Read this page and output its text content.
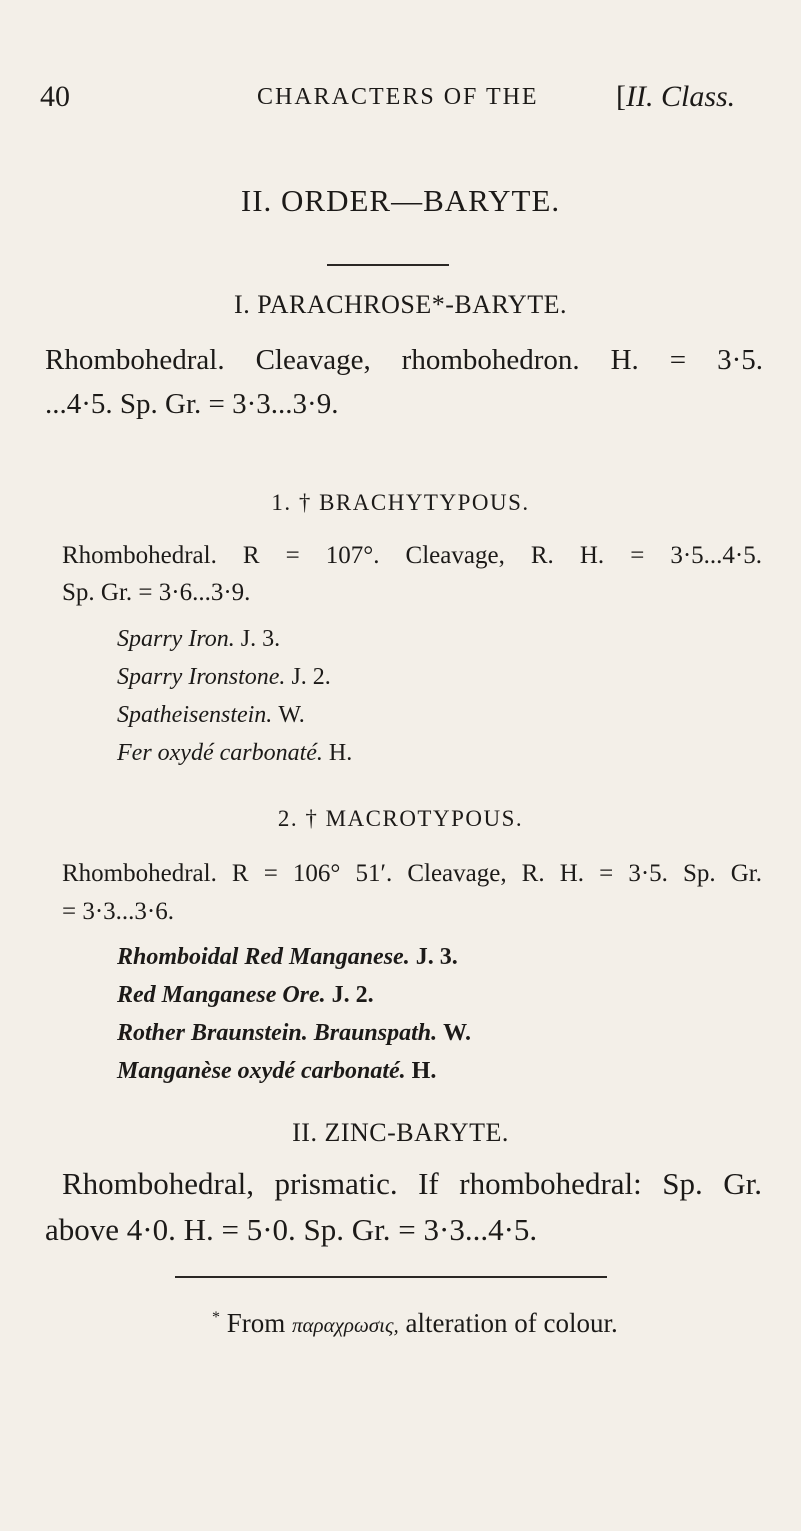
40	CHARACTERS OF THE	[II. Class.
II. ORDER—BARYTE.
I. PARACHROSE*-BARYTE.
Rhombohedral. Cleavage, rhombohedron. H. = 3·5.
...4·5. Sp. Gr. = 3·3...3·9.
1. † BRACHYTYPOUS.
Rhombohedral. R = 107°. Cleavage, R. H. = 3·5...4·5.
Sp. Gr. = 3·6...3·9.
Sparry Iron. J. 3.
Sparry Ironstone. J. 2.
Spatheisenstein. W.
Fer oxydé carbonaté. H.
2. † MACROTYPOUS.
Rhombohedral. R = 106° 51′. Cleavage, R. H. = 3·5. Sp. Gr.
= 3·3...3·6.
Rhomboidal Red Manganese. J. 3.
Red Manganese Ore. J. 2.
Rother Braunstein. Braunspath. W.
Manganèse oxydé carbonaté. H.
II. ZINC-BARYTE.
Rhombohedral, prismatic. If rhombohedral: Sp. Gr.
above 4·0. H. = 5·0. Sp. Gr. = 3·3...4·5.
* From παραχρωσις, alteration of colour.
